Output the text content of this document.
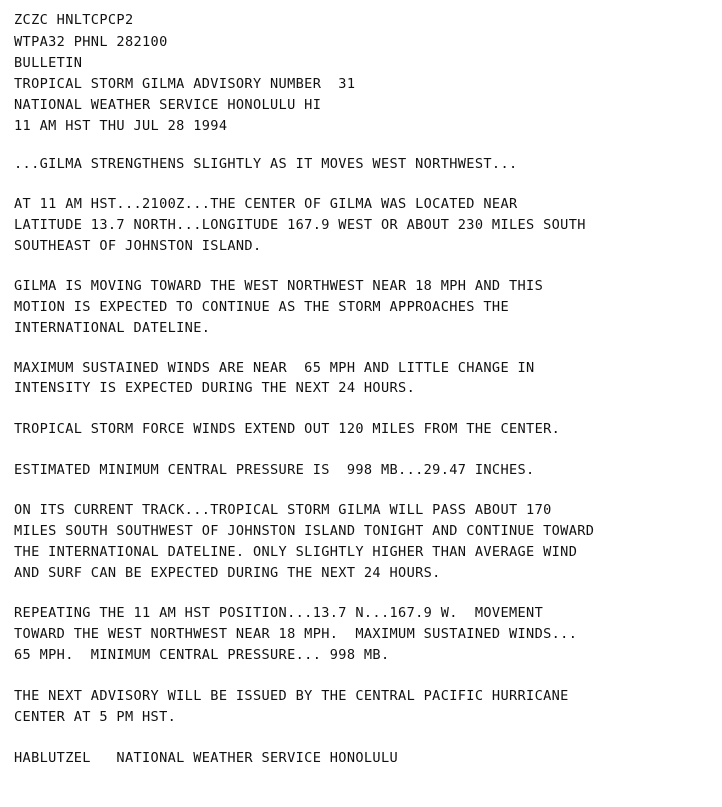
ZCZC HNLTCPCP2
WTPA32 PHNL 282100
BULLETIN
TROPICAL STORM GILMA ADVISORY NUMBER  31
NATIONAL WEATHER SERVICE HONOLULU HI
11 AM HST THU JUL 28 1994
...GILMA STRENGTHENS SLIGHTLY AS IT MOVES WEST NORTHWEST...
AT 11 AM HST...2100Z...THE CENTER OF GILMA WAS LOCATED NEAR
LATITUDE 13.7 NORTH...LONGITUDE 167.9 WEST OR ABOUT 230 MILES SOUTH
SOUTHEAST OF JOHNSTON ISLAND.
GILMA IS MOVING TOWARD THE WEST NORTHWEST NEAR 18 MPH AND THIS
MOTION IS EXPECTED TO CONTINUE AS THE STORM APPROACHES THE
INTERNATIONAL DATELINE.
MAXIMUM SUSTAINED WINDS ARE NEAR  65 MPH AND LITTLE CHANGE IN
INTENSITY IS EXPECTED DURING THE NEXT 24 HOURS.
TROPICAL STORM FORCE WINDS EXTEND OUT 120 MILES FROM THE CENTER.
ESTIMATED MINIMUM CENTRAL PRESSURE IS  998 MB...29.47 INCHES.
ON ITS CURRENT TRACK...TROPICAL STORM GILMA WILL PASS ABOUT 170
MILES SOUTH SOUTHWEST OF JOHNSTON ISLAND TONIGHT AND CONTINUE TOWARD
THE INTERNATIONAL DATELINE. ONLY SLIGHTLY HIGHER THAN AVERAGE WIND
AND SURF CAN BE EXPECTED DURING THE NEXT 24 HOURS.
REPEATING THE 11 AM HST POSITION...13.7 N...167.9 W.  MOVEMENT
TOWARD THE WEST NORTHWEST NEAR 18 MPH.  MAXIMUM SUSTAINED WINDS...
65 MPH.  MINIMUM CENTRAL PRESSURE... 998 MB.
THE NEXT ADVISORY WILL BE ISSUED BY THE CENTRAL PACIFIC HURRICANE
CENTER AT 5 PM HST.
HABLUTZEL   NATIONAL WEATHER SERVICE HONOLULU
